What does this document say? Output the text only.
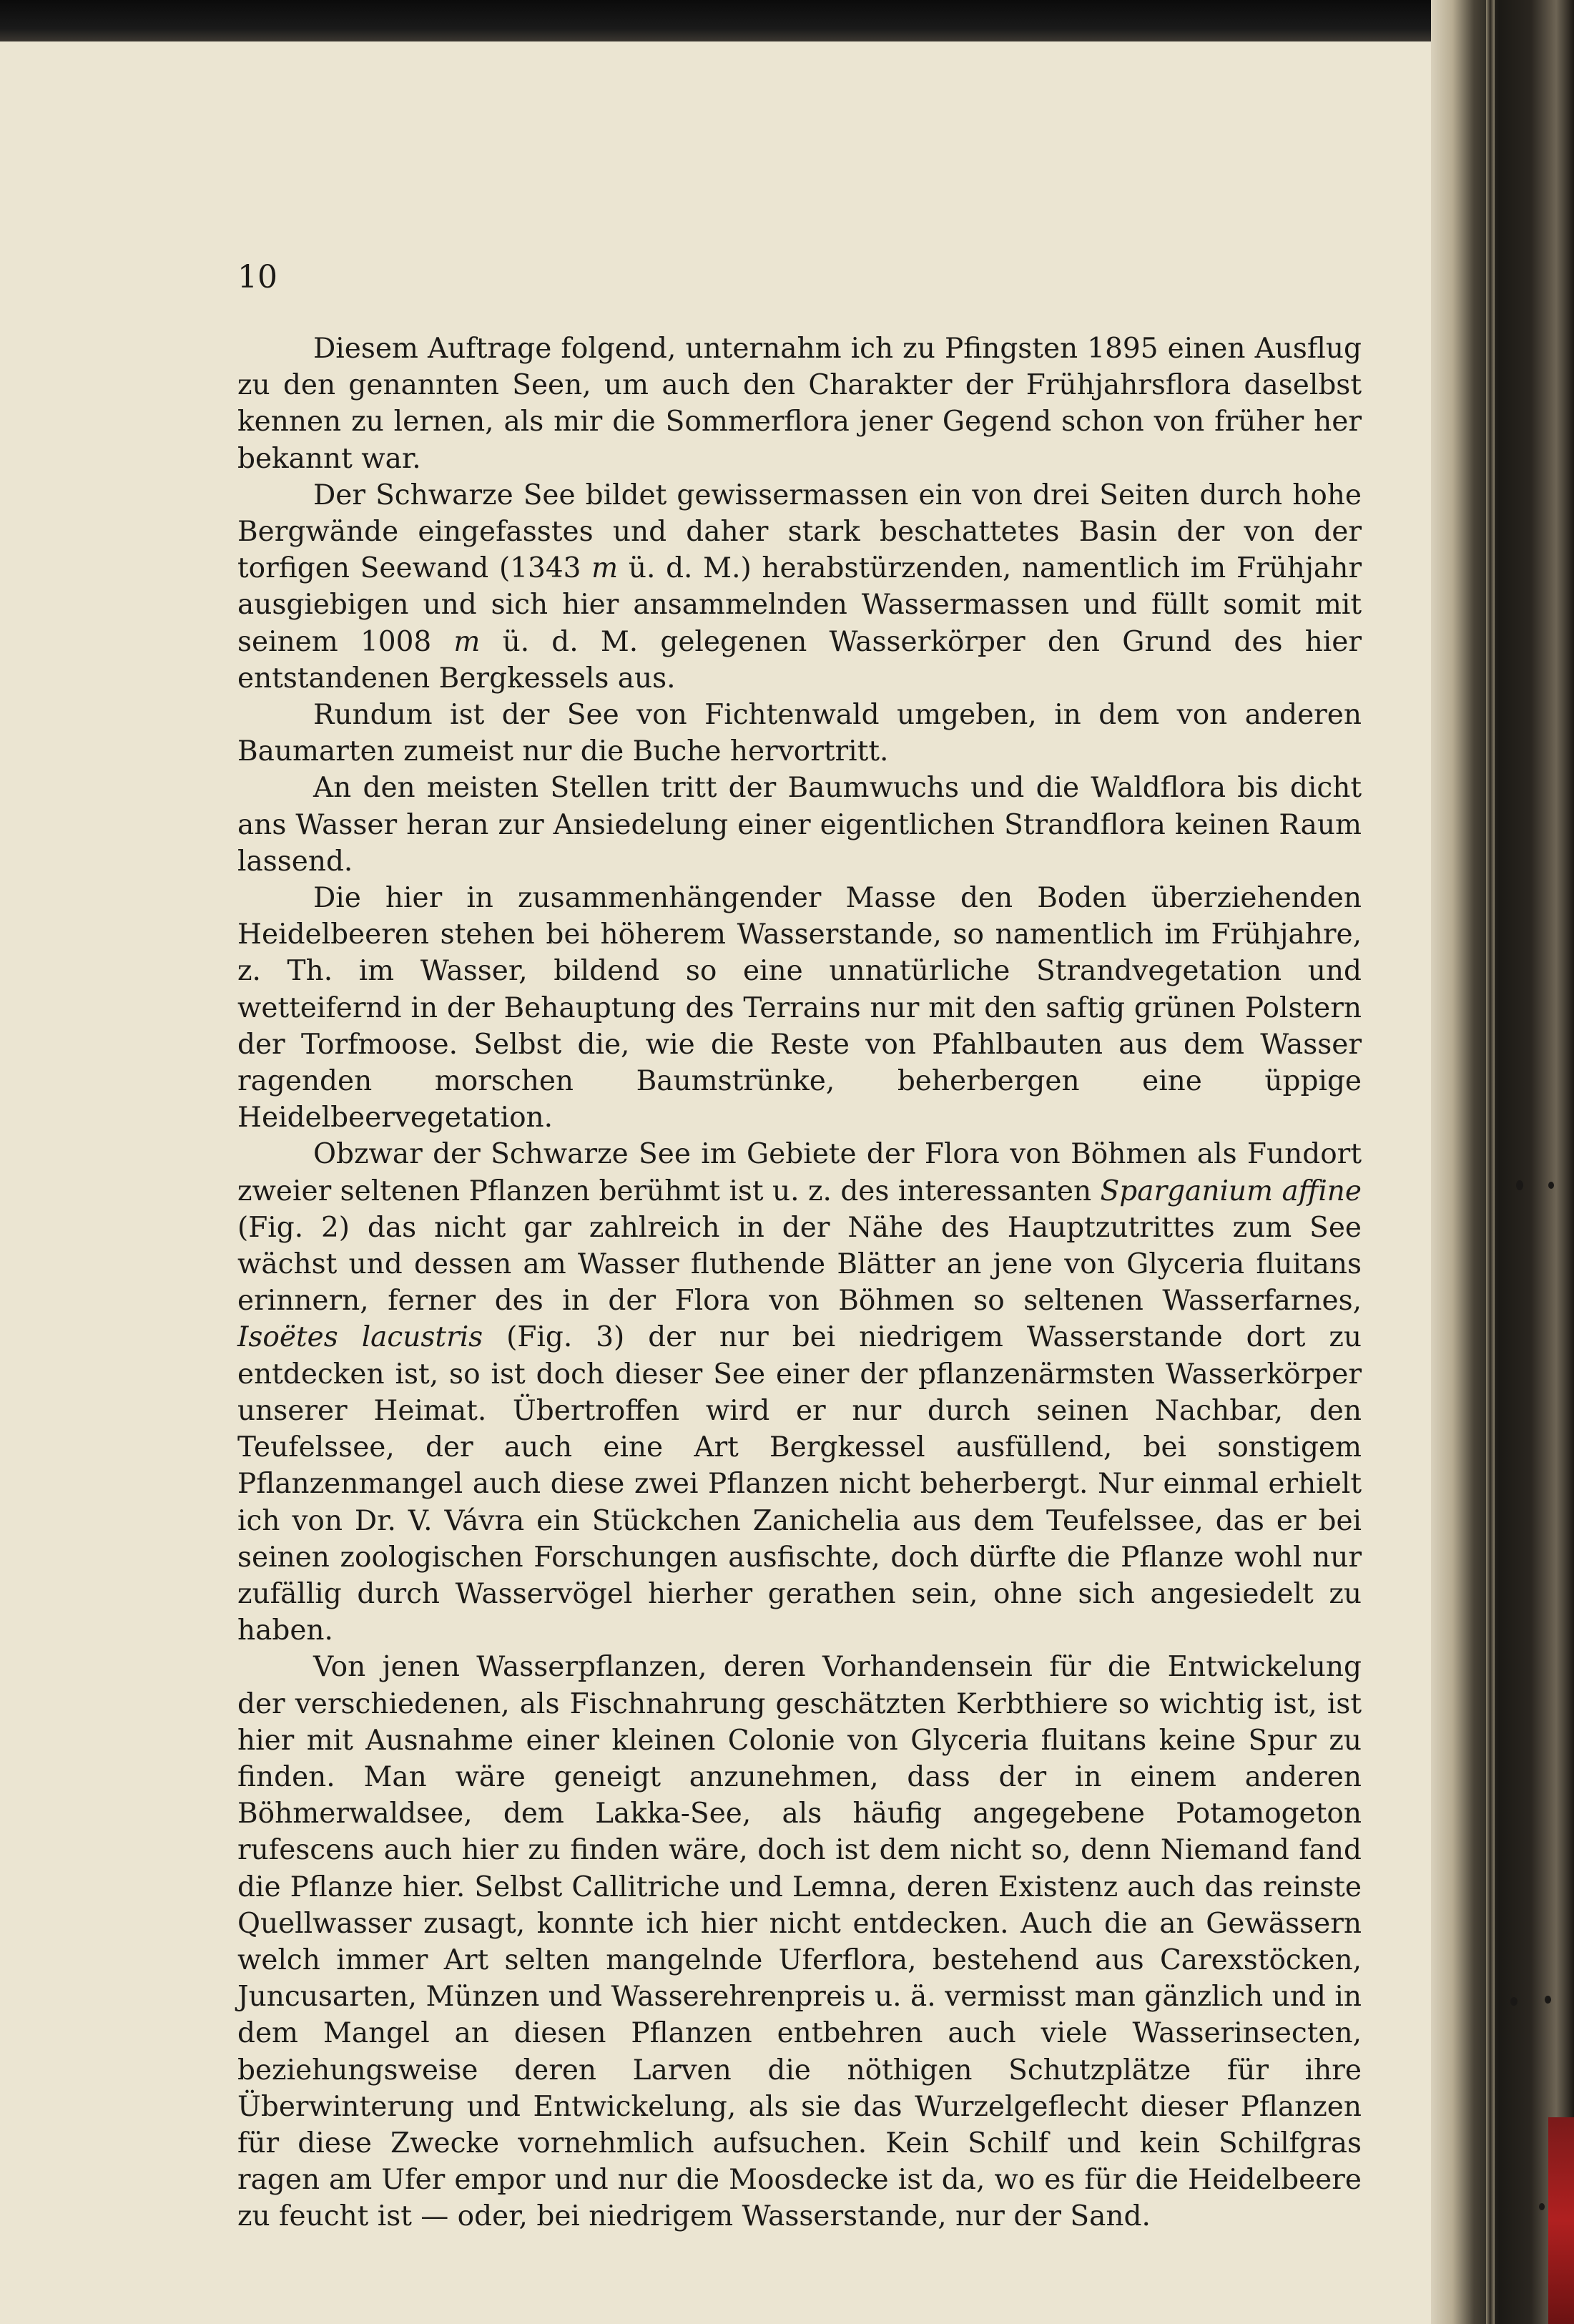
10

Diesem Auftrage folgend, unternahm ich zu Pfingsten 1895 einen Ausflug zu den genannten Seen, um auch den Charakter der Frühjahrsflora daselbst kennen zu lernen, als mir die Sommerflora jener Gegend schon von früher her bekannt war.

Der Schwarze See bildet gewissermassen ein von drei Seiten durch hohe Bergwände eingefasstes und daher stark beschattetes Basin der von der torfigen Seewand (1343 m ü. d. M.) herabstürzenden, namentlich im Frühjahr ausgiebigen und sich hier ansammelnden Wassermassen und füllt somit mit seinem 1008 m ü. d. M. gelegenen Wasserkörper den Grund des hier entstandenen Bergkessels aus.

Rundum ist der See von Fichtenwald umgeben, in dem von anderen Baumarten zumeist nur die Buche hervortritt.

An den meisten Stellen tritt der Baumwuchs und die Waldflora bis dicht ans Wasser heran zur Ansiedelung einer eigentlichen Strandflora keinen Raum lassend.

Die hier in zusammenhängender Masse den Boden überziehenden Heidelbeeren stehen bei höherem Wasserstande, so namentlich im Frühjahre, z. Th. im Wasser, bildend so eine unnatürliche Strandvegetation und wetteifernd in der Behauptung des Terrains nur mit den saftig grünen Polstern der Torfmoose. Selbst die, wie die Reste von Pfahlbauten aus dem Wasser ragenden morschen Baumstrünke, beherbergen eine üppige Heidelbeervegetation.

Obzwar der Schwarze See im Gebiete der Flora von Böhmen als Fundort zweier seltenen Pflanzen berühmt ist u. z. des interessanten Sparganium affine (Fig. 2) das nicht gar zahlreich in der Nähe des Hauptzutrittes zum See wächst und dessen am Wasser fluthende Blätter an jene von Glyceria fluitans erinnern, ferner des in der Flora von Böhmen so seltenen Wasserfarnes, Isoëtes lacustris (Fig. 3) der nur bei niedrigem Wasserstande dort zu entdecken ist, so ist doch dieser See einer der pflanzenärmsten Wasserkörper unserer Heimat. Übertroffen wird er nur durch seinen Nachbar, den Teufelssee, der auch eine Art Bergkessel ausfüllend, bei sonstigem Pflanzenmangel auch diese zwei Pflanzen nicht beherbergt. Nur einmal erhielt ich von Dr. V. Vávra ein Stückchen Zanichelia aus dem Teufelssee, das er bei seinen zoologischen Forschungen ausfischte, doch dürfte die Pflanze wohl nur zufällig durch Wasservögel hierher gerathen sein, ohne sich angesiedelt zu haben.

Von jenen Wasserpflanzen, deren Vorhandensein für die Entwickelung der verschiedenen, als Fischnahrung geschätzten Kerbthiere so wichtig ist, ist hier mit Ausnahme einer kleinen Colonie von Glyceria fluitans keine Spur zu finden. Man wäre geneigt anzunehmen, dass der in einem anderen Böhmerwaldsee, dem Lakka-See, als häufig angegebene Potamogeton rufescens auch hier zu finden wäre, doch ist dem nicht so, denn Niemand fand die Pflanze hier. Selbst Callitriche und Lemna, deren Existenz auch das reinste Quellwasser zusagt, konnte ich hier nicht entdecken. Auch die an Gewässern welch immer Art selten mangelnde Uferflora, bestehend aus Carexstöcken, Juncusarten, Münzen und Wasserehrenpreis u. ä. vermisst man gänzlich und in dem Mangel an diesen Pflanzen entbehren auch viele Wasserinsecten, beziehungsweise deren Larven die nöthigen Schutzplätze für ihre Überwinterung und Entwickelung, als sie das Wurzelgeflecht dieser Pflanzen für diese Zwecke vornehmlich aufsuchen. Kein Schilf und kein Schilfgras ragen am Ufer empor und nur die Moosdecke ist da, wo es für die Heidelbeere zu feucht ist — oder, bei niedrigem Wasserstande, nur der Sand.
